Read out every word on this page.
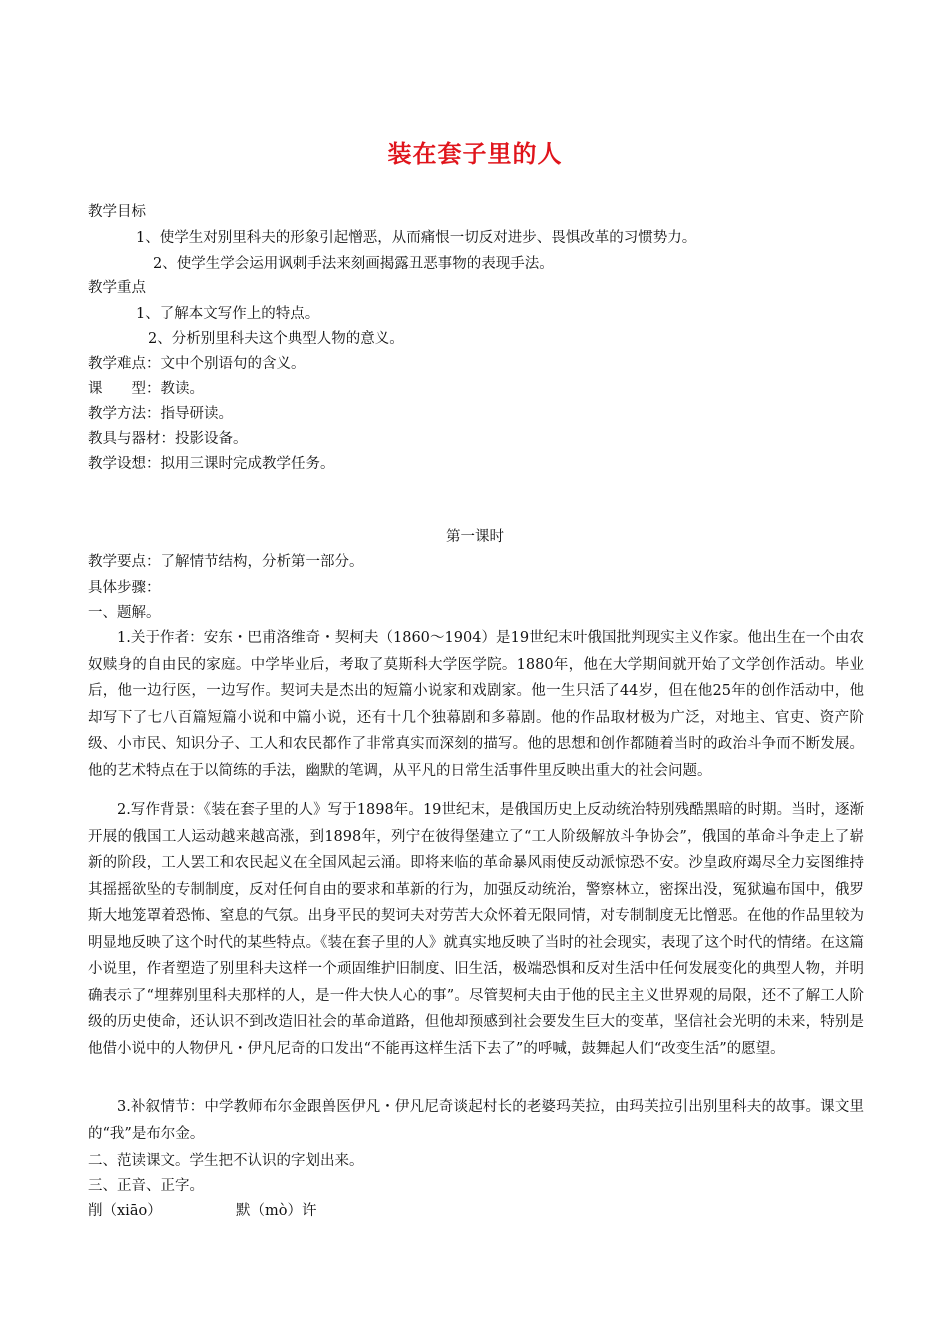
装在套子里的人
教学目标
1、使学生对别里科夫的形象引起憎恶，从而痛恨一切反对进步、畏惧改革的习惯势力。
2、使学生学会运用讽刺手法来刻画揭露丑恶事物的表现手法。
教学重点
1、了解本文写作上的特点。
2、分析别里科夫这个典型人物的意义。
教学难点：文中个别语句的含义。
课　　型：教读。
教学方法：指导研读。
教具与器材：投影设备。
教学设想：拟用三课时完成教学任务。
第一课时
教学要点：了解情节结构，分析第一部分。
具体步骤：
一、题解。

1.关于作者：安东・巴甫洛维奇・契柯夫（1860～1904）是19世纪末叶俄国批判现实主义作家。他出生在一个由农奴赎身的自由民的家庭。中学毕业后，考取了莫斯科大学医学院。1880年，他在大学期间就开始了文学创作活动。毕业后，他一边行医，一边写作。契诃夫是杰出的短篇小说家和戏剧家。他一生只活了44岁，但在他25年的创作活动中，他却写下了七八百篇短篇小说和中篇小说，还有十几个独幕剧和多幕剧。他的作品取材极为广泛，对地主、官吏、资产阶级、小市民、知识分子、工人和农民都作了非常真实而深刻的描写。他的思想和创作都随着当时的政治斗争而不断发展。他的艺术特点在于以简练的手法，幽默的笔调，从平凡的日常生活事件里反映出重大的社会问题。

2.写作背景：《装在套子里的人》写于1898年。19世纪末，是俄国历史上反动统治特别残酷黑暗的时期。当时，逐渐开展的俄国工人运动越来越高涨，到1898年，列宁在彼得堡建立了“工人阶级解放斗争协会”，俄国的革命斗争走上了崭新的阶段，工人罢工和农民起义在全国风起云涌。即将来临的革命暴风雨使反动派惊恐不安。沙皇政府竭尽全力妄图维持其摇摇欲坠的专制制度，反对任何自由的要求和革新的行为，加强反动统治，警察林立，密探出没，冤狱遍布国中，俄罗斯大地笼罩着恐怖、窒息的气氛。出身平民的契诃夫对劳苦大众怀着无限同情，对专制制度无比憎恶。在他的作品里较为明显地反映了这个时代的某些特点。《装在套子里的人》就真实地反映了当时的社会现实，表现了这个时代的情绪。在这篇小说里，作者塑造了别里科夫这样一个顽固维护旧制度、旧生活，极端恐惧和反对生活中任何发展变化的典型人物，并明确表示了“埋葬别里科夫那样的人，是一件大快人心的事”。尽管契柯夫由于他的民主主义世界观的局限，还不了解工人阶级的历史使命，还认识不到改造旧社会的革命道路，但他却预感到社会要发生巨大的变革，坚信社会光明的未来，特别是他借小说中的人物伊凡・伊凡尼奇的口发出“不能再这样生活下去了”的呼喊，鼓舞起人们“改变生活”的愿望。

3.补叙情节：中学教师布尔金跟兽医伊凡・伊凡尼奇谈起村长的老婆玛芙拉，由玛芙拉引出别里科夫的故事。课文里的“我”是布尔金。

二、范读课文。学生把不认识的字划出来。
三、正音、正字。
削（xiāo）	默（mò）许
